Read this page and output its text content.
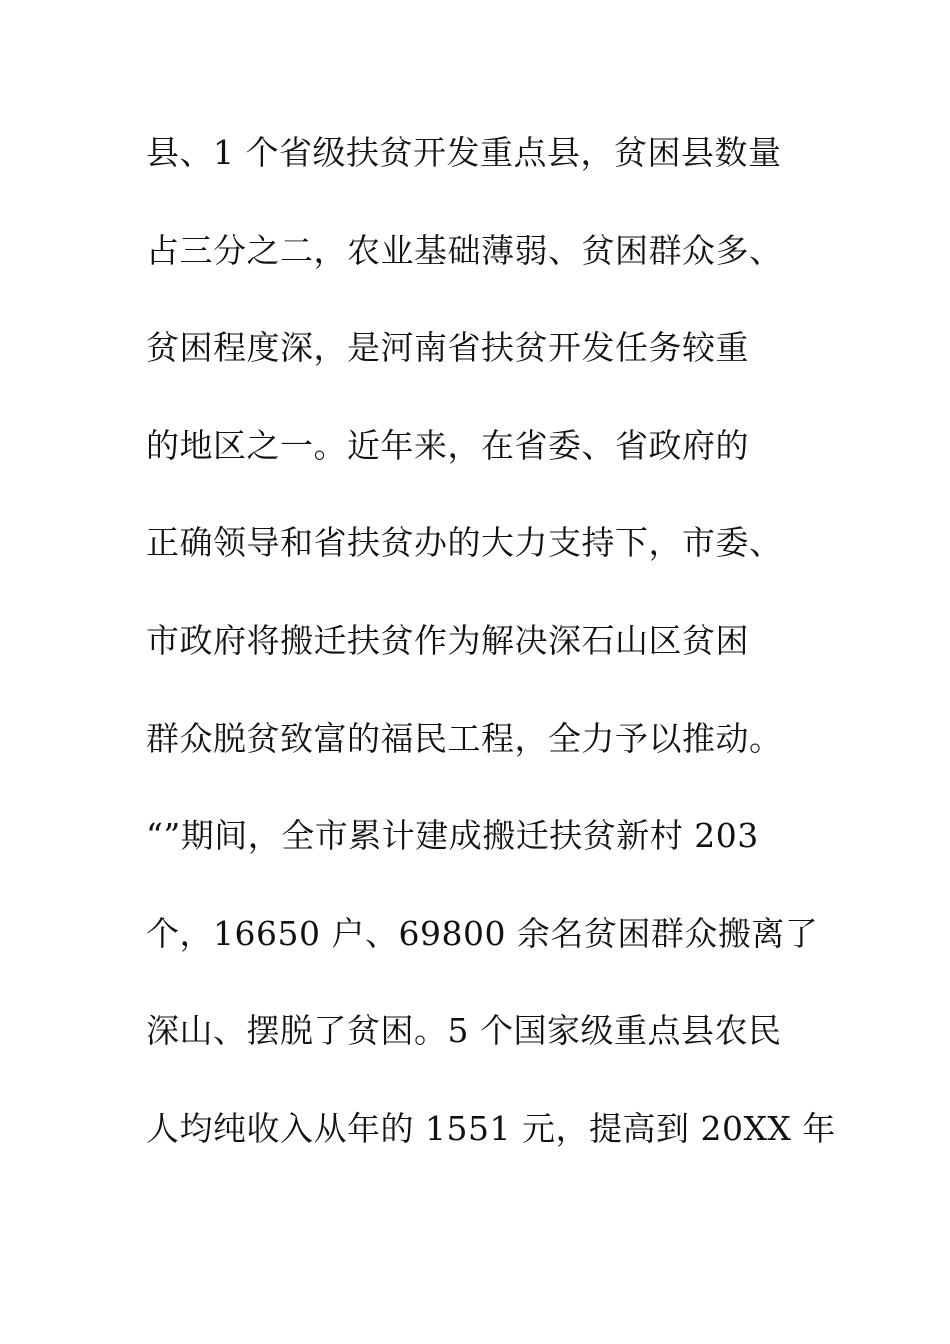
县、1 个省级扶贫开发重点县，贫困县数量
占三分之二，农业基础薄弱、贫困群众多、
贫困程度深，是河南省扶贫开发任务较重
的地区之一。近年来，在省委、省政府的
正确领导和省扶贫办的大力支持下，市委、
市政府将搬迁扶贫作为解决深石山区贫困
群众脱贫致富的福民工程，全力予以推动。
“”期间，全市累计建成搬迁扶贫新村 203
个，16650 户、69800 余名贫困群众搬离了
深山、摆脱了贫困。5 个国家级重点县农民
人均纯收入从年的 1551 元，提高到 20XX 年
